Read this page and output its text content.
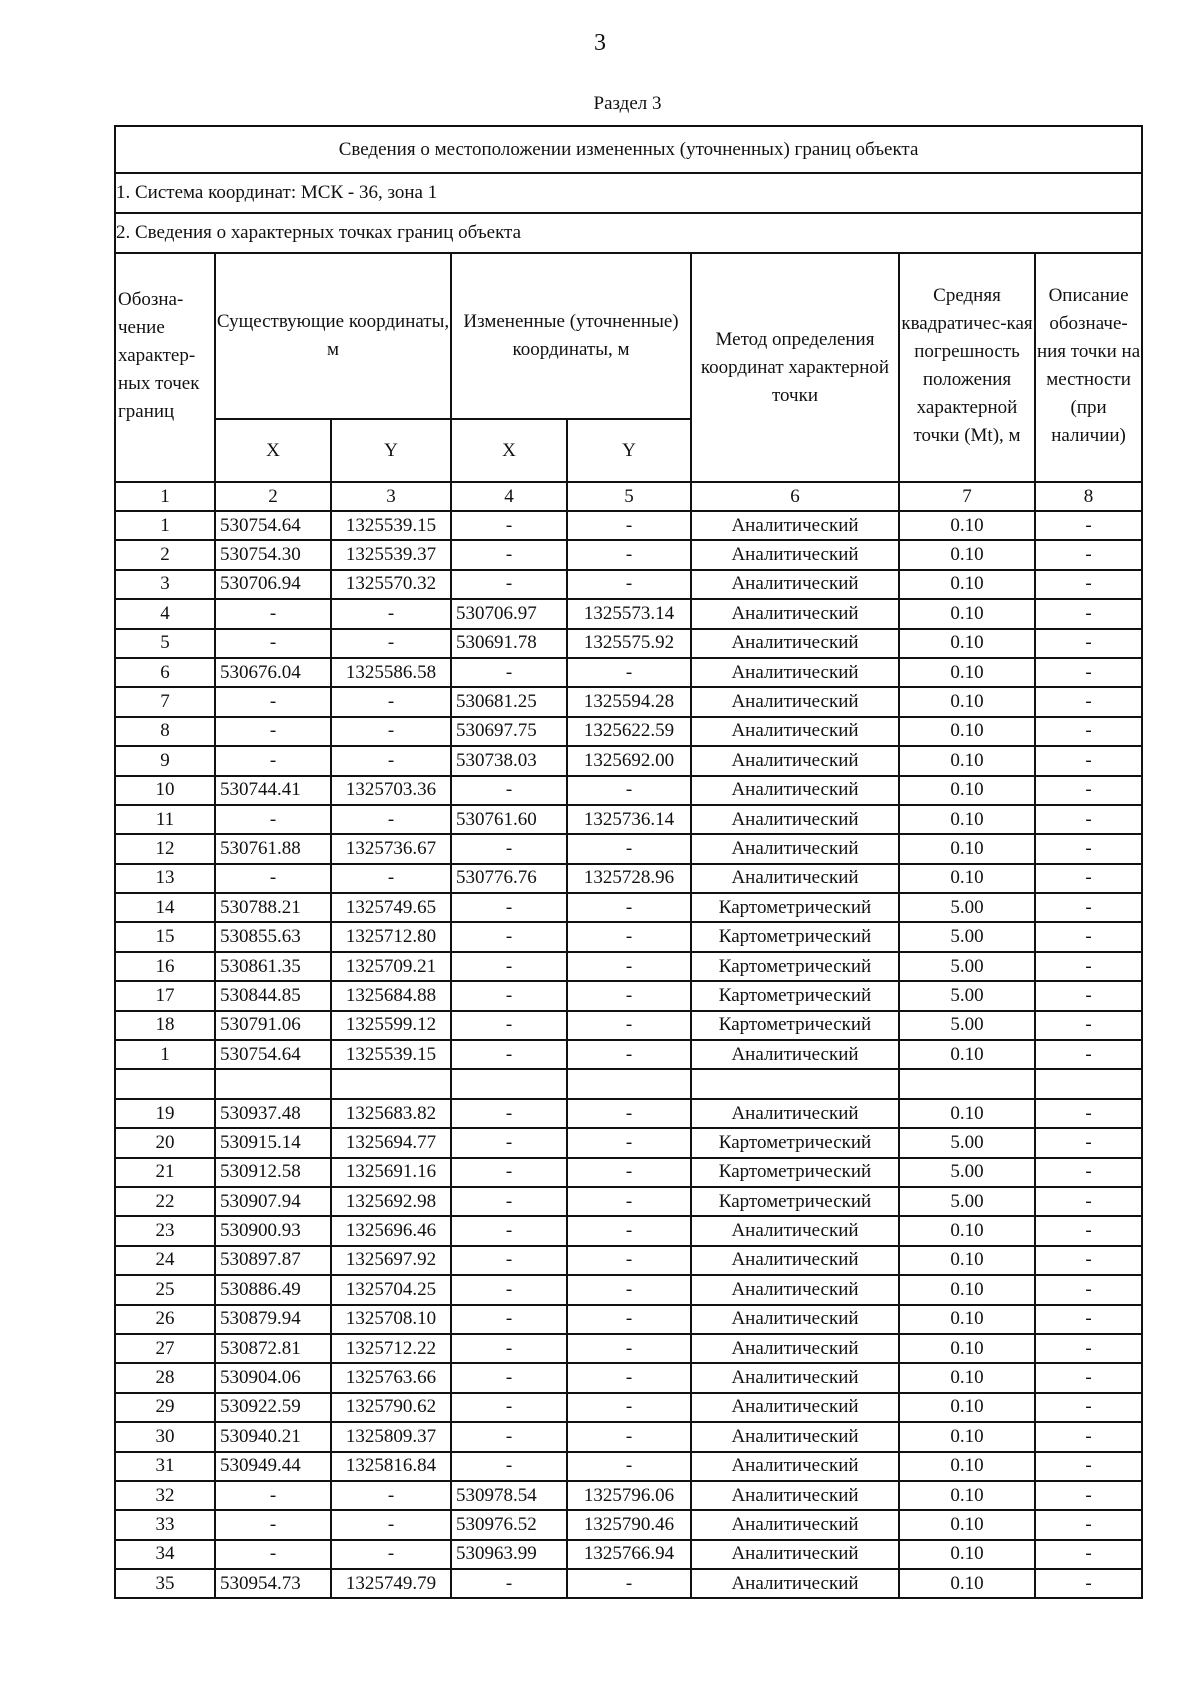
3
Раздел 3
Сведения о местоположении измененных (уточненных) границ объекта							
1. Система координат: МСК - 36, зона 1							
2. Сведения о характерных точках границ объекта							
Обозна-чение характер-ных точек границ	Существующие координаты, м		Измененные (уточненные) координаты, м		Метод определения координат характерной точки	Средняя квадратичес-кая погрешность положения характерной точки (Mt), м	Описание обозначе-ния точки на местности (при наличии)
	X	Y	X	Y			
1	2	3	4	5	6	7	8
1	530754.64	1325539.15	-	-	Аналитический	0.10	-
2	530754.30	1325539.37	-	-	Аналитический	0.10	-
3	530706.94	1325570.32	-	-	Аналитический	0.10	-
4	-	-	530706.97	1325573.14	Аналитический	0.10	-
5	-	-	530691.78	1325575.92	Аналитический	0.10	-
6	530676.04	1325586.58	-	-	Аналитический	0.10	-
7	-	-	530681.25	1325594.28	Аналитический	0.10	-
8	-	-	530697.75	1325622.59	Аналитический	0.10	-
9	-	-	530738.03	1325692.00	Аналитический	0.10	-
10	530744.41	1325703.36	-	-	Аналитический	0.10	-
11	-	-	530761.60	1325736.14	Аналитический	0.10	-
12	530761.88	1325736.67	-	-	Аналитический	0.10	-
13	-	-	530776.76	1325728.96	Аналитический	0.10	-
14	530788.21	1325749.65	-	-	Картометрический	5.00	-
15	530855.63	1325712.80	-	-	Картометрический	5.00	-
16	530861.35	1325709.21	-	-	Картометрический	5.00	-
17	530844.85	1325684.88	-	-	Картометрический	5.00	-
18	530791.06	1325599.12	-	-	Картометрический	5.00	-
1	530754.64	1325539.15	-	-	Аналитический	0.10	-

19	530937.48	1325683.82	-	-	Аналитический	0.10	-
20	530915.14	1325694.77	-	-	Картометрический	5.00	-
21	530912.58	1325691.16	-	-	Картометрический	5.00	-
22	530907.94	1325692.98	-	-	Картометрический	5.00	-
23	530900.93	1325696.46	-	-	Аналитический	0.10	-
24	530897.87	1325697.92	-	-	Аналитический	0.10	-
25	530886.49	1325704.25	-	-	Аналитический	0.10	-
26	530879.94	1325708.10	-	-	Аналитический	0.10	-
27	530872.81	1325712.22	-	-	Аналитический	0.10	-
28	530904.06	1325763.66	-	-	Аналитический	0.10	-
29	530922.59	1325790.62	-	-	Аналитический	0.10	-
30	530940.21	1325809.37	-	-	Аналитический	0.10	-
31	530949.44	1325816.84	-	-	Аналитический	0.10	-
32	-	-	530978.54	1325796.06	Аналитический	0.10	-
33	-	-	530976.52	1325790.46	Аналитический	0.10	-
34	-	-	530963.99	1325766.94	Аналитический	0.10	-
35	530954.73	1325749.79	-	-	Аналитический	0.10	-
